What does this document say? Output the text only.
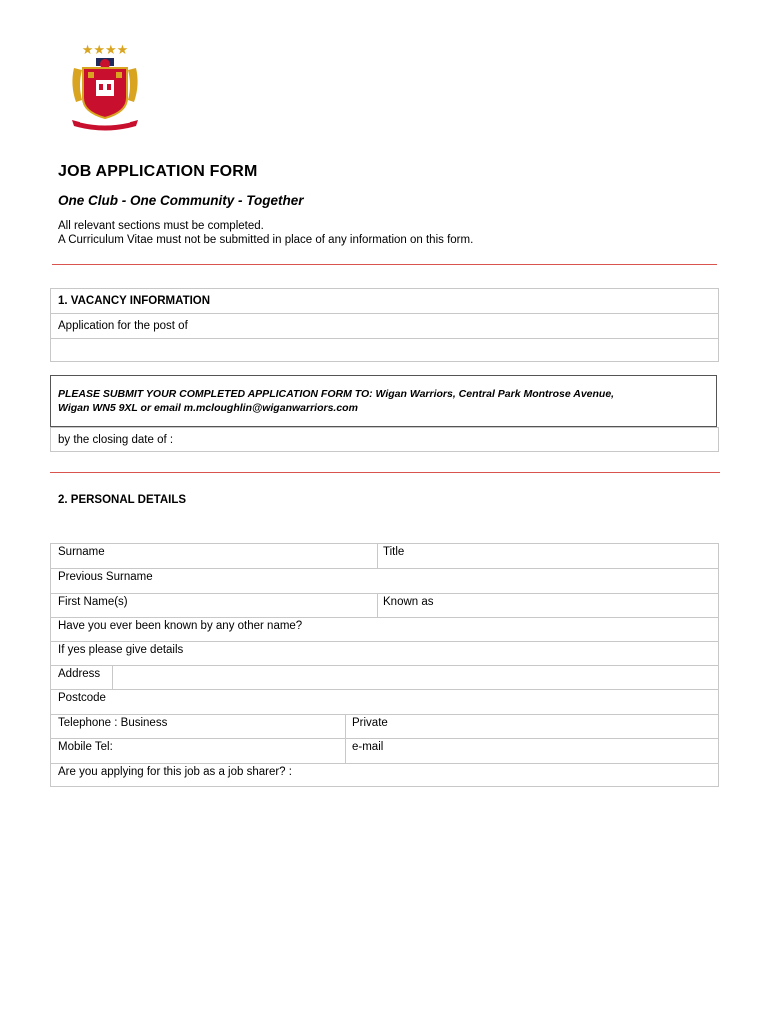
★★★★
JOB APPLICATION FORM
One Club - One Community - Together
All relevant sections must be completed.
A Curriculum Vitae must not be submitted in place of any information on this form.
1. VACANCY INFORMATION
Application for the post of
PLEASE SUBMIT YOUR COMPLETED APPLICATION FORM TO: Wigan Warriors, Central Park Montrose Avenue,
Wigan WN5 9XL or email m.mcloughlin@wiganwarriors.com
by the closing date of :
2. PERSONAL DETAILS
Surname	Title
Previous Surname
First Name(s)	Known as
Have you ever been known by any other name?
If yes please give details
Address
Postcode
Telephone : Business	Private
Mobile Tel:	e-mail
Are you applying for this job as a job sharer? :
